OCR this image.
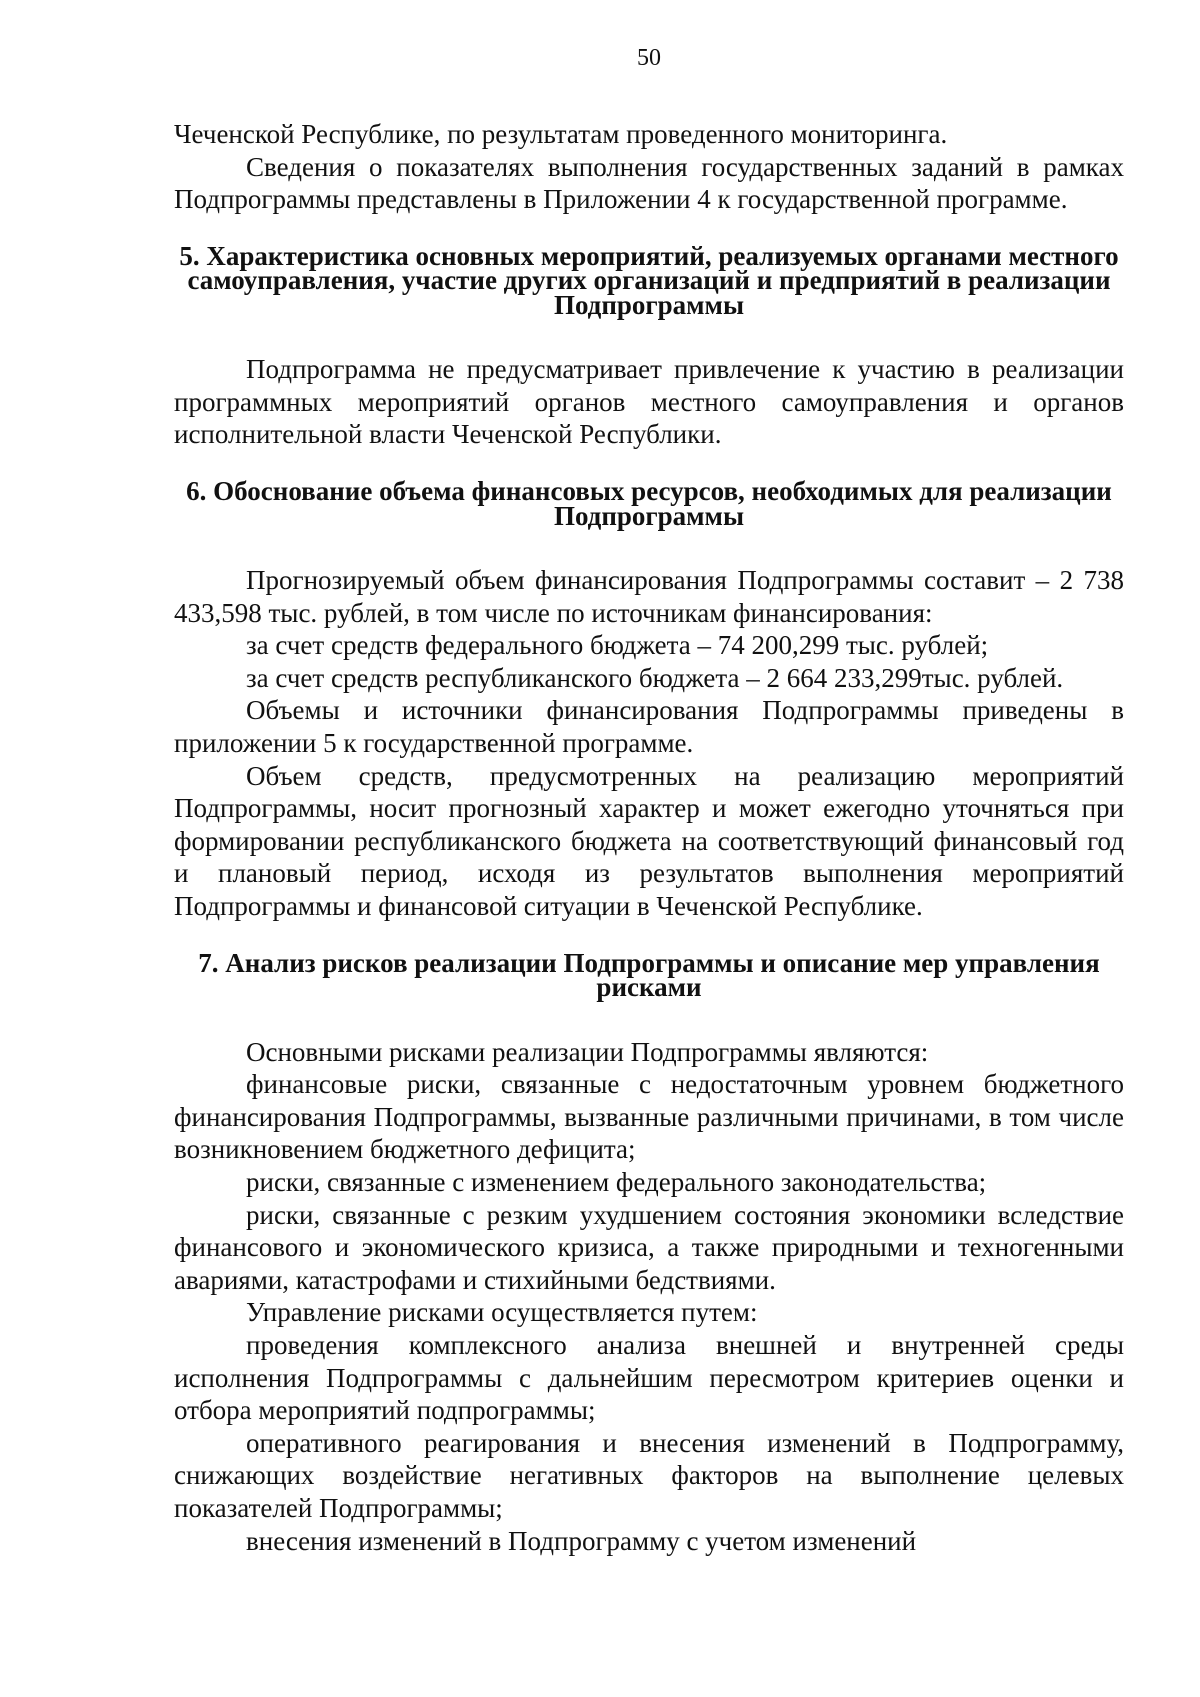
50

Чеченской Республике, по результатам проведенного мониторинга.

Сведения о показателях выполнения государственных заданий в рамках Подпрограммы представлены в Приложении 4 к государственной программе.

5. Характеристика основных мероприятий, реализуемых органами местного самоуправления, участие других организаций и предприятий в реализации Подпрограммы

Подпрограмма не предусматривает привлечение к участию в реализации программных мероприятий органов местного самоуправления и органов исполнительной власти Чеченской Республики.

6. Обоснование объема финансовых ресурсов, необходимых для реализации Подпрограммы

Прогнозируемый объем финансирования Подпрограммы составит – 2 738 433,598 тыс. рублей, в том числе по источникам финансирования:

за счет средств федерального бюджета – 74 200,299 тыс. рублей;

за счет средств республиканского бюджета – 2 664 233,299тыс. рублей.

Объемы и источники финансирования Подпрограммы приведены в приложении 5 к государственной программе.

Объем средств, предусмотренных на реализацию мероприятий Подпрограммы, носит прогнозный характер и может ежегодно уточняться при формировании республиканского бюджета на соответствующий финансовый год и плановый период, исходя из результатов выполнения мероприятий Подпрограммы и финансовой ситуации в Чеченской Республике.

7. Анализ рисков реализации Подпрограммы и описание мер управления рисками

Основными рисками реализации Подпрограммы являются:

финансовые риски, связанные с недостаточным уровнем бюджетного финансирования Подпрограммы, вызванные различными причинами, в том числе возникновением бюджетного дефицита;

риски, связанные с изменением федерального законодательства;

риски, связанные с резким ухудшением состояния экономики вследствие финансового и экономического кризиса, а также природными и техногенными авариями, катастрофами и стихийными бедствиями.

Управление рисками осуществляется путем:

проведения комплексного анализа внешней и внутренней среды исполнения Подпрограммы с дальнейшим пересмотром критериев оценки и отбора мероприятий подпрограммы;

оперативного реагирования и внесения изменений в Подпрограмму, снижающих воздействие негативных факторов на выполнение целевых показателей Подпрограммы;

внесения изменений в Подпрограмму с учетом изменений
